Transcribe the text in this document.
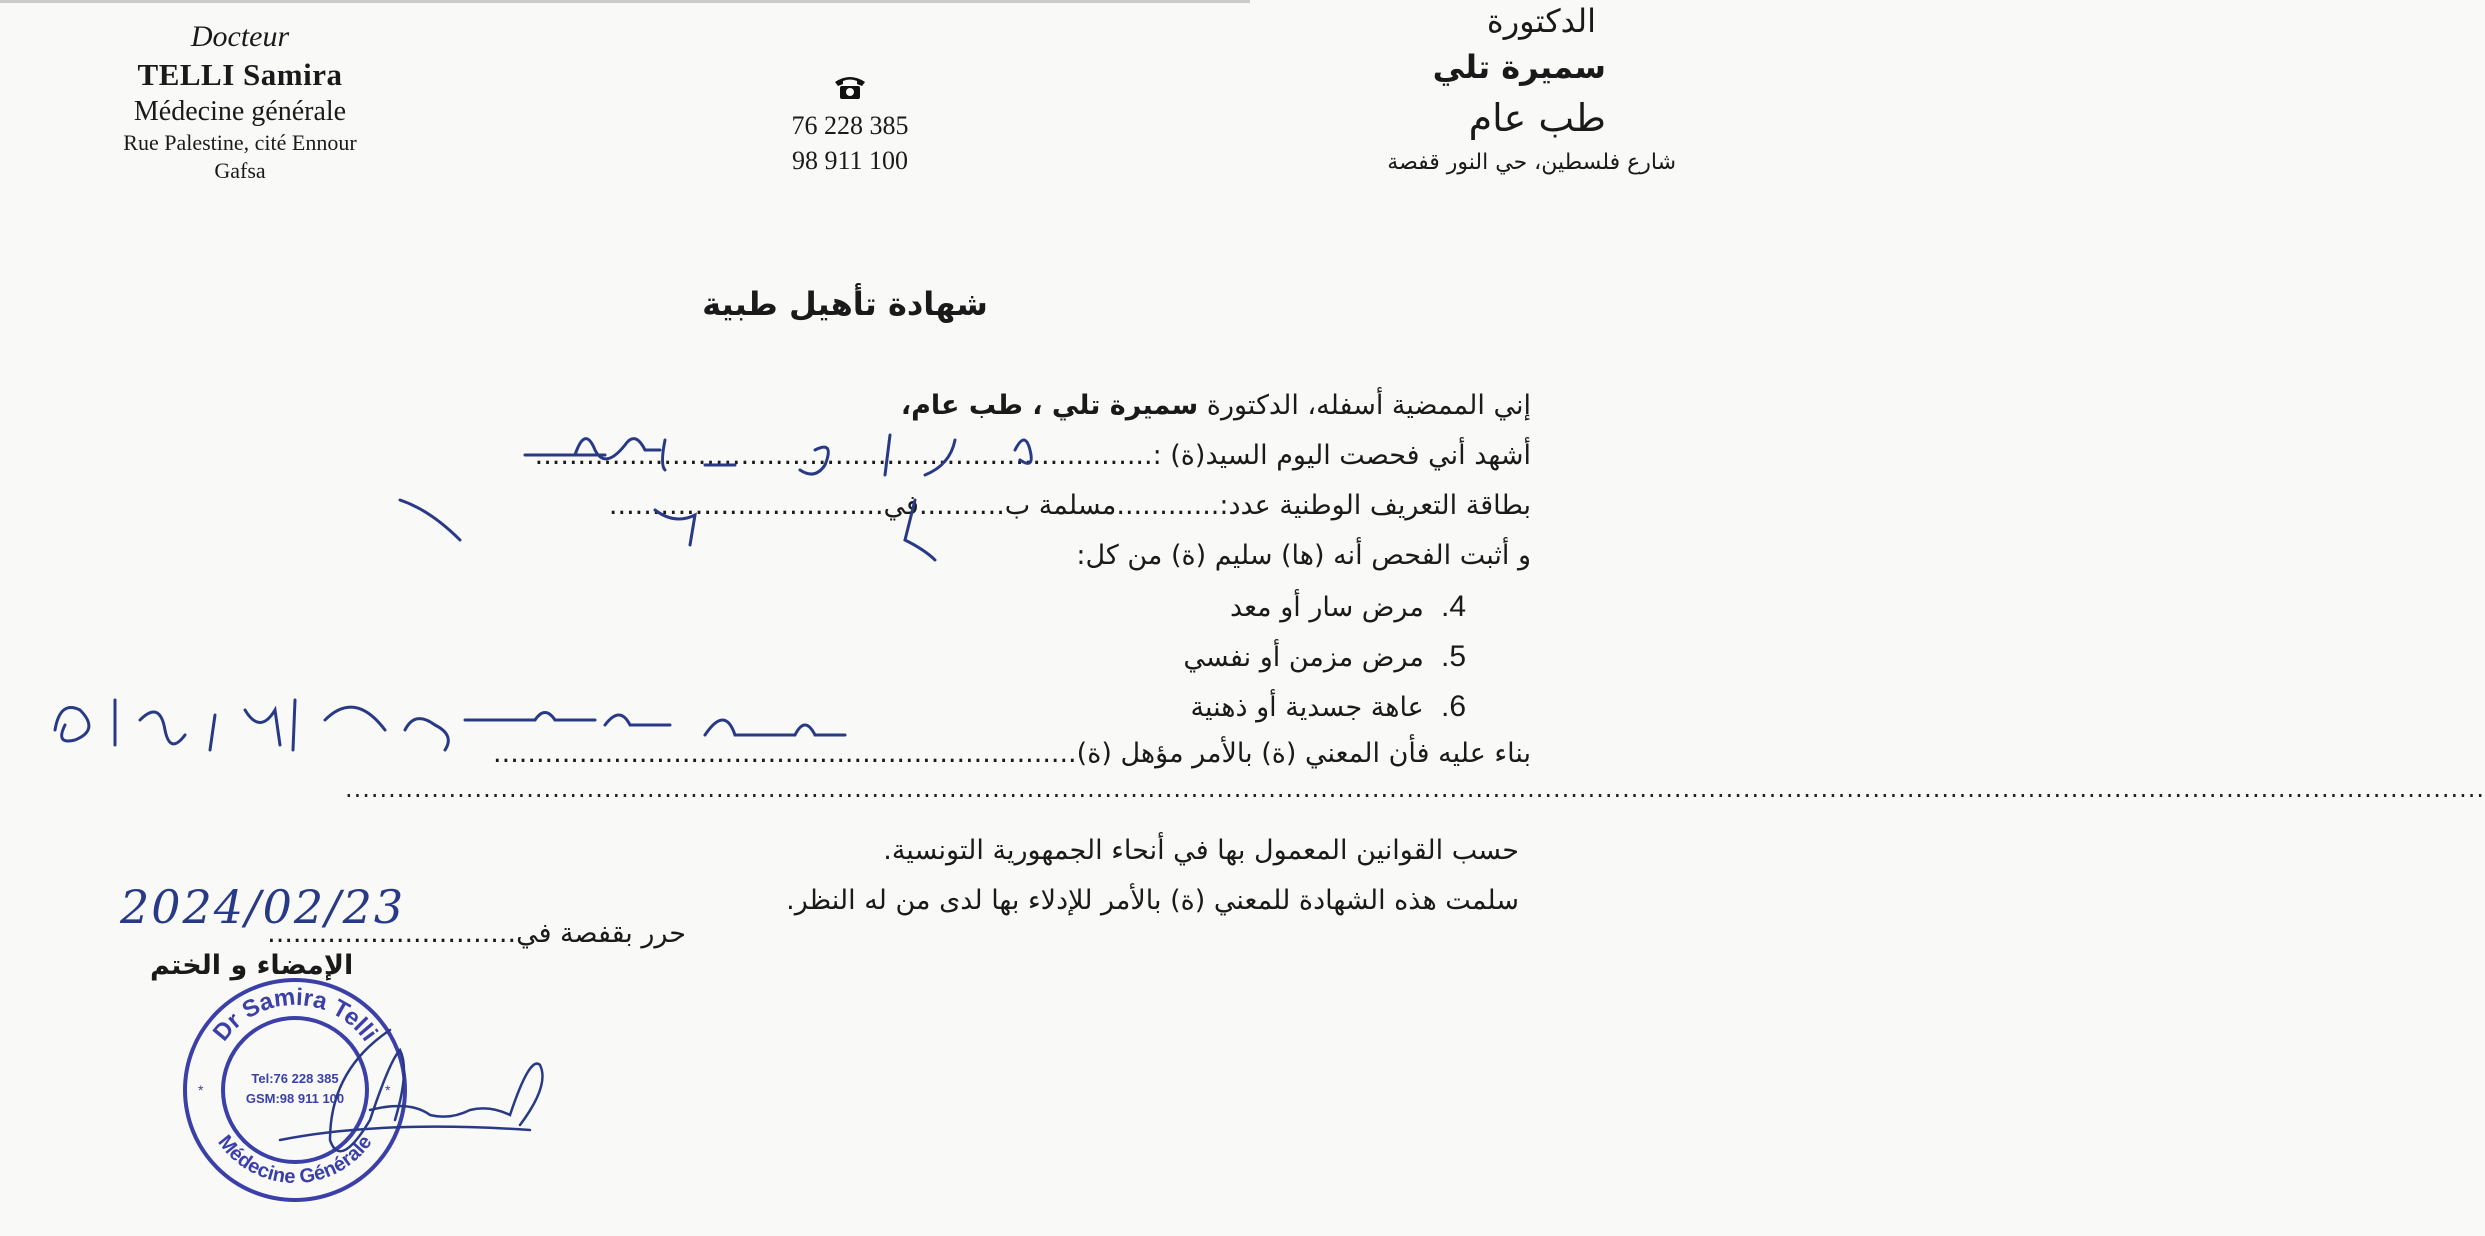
Docteur
TELLI Samira
Médecine générale
Rue Palestine, cité Ennour
Gafsa
76 228 385
98 911 100
الدكتورة
سميرة تلي
طب عام
شارع فلسطين، حي النور قفصة
شهادة تأهيل طبية
إني الممضية أسفله، الدكتورة سميرة تلي ، طب عام،
أشهد أني فحصت اليوم السيد(ة) :........................................................................
بطاقة التعريف الوطنية عدد:............مسلمة ب..........في................................
و أثبت الفحص أنه (ها) سليم (ة) من كل:
4.  مرض سار أو معد
5.  مرض مزمن أو نفسي
6.  عاهة جسدية أو ذهنية
بناء عليه فأن المعني (ة) بالأمر مؤهل (ة)....................................................................
........................................................................................................................................................................................................................................................
حسب القوانين المعمول بها في أنحاء الجمهورية التونسية.
سلمت هذه الشهادة للمعني (ة) بالأمر للإدلاء بها لدى من له النظر.
حرر بقفصة في.............................
2024/02/23
الإمضاء و الختم
Dr Samira Telli
Médecine Générale
Tel:76 228 385
GSM:98 911 100
*	*
